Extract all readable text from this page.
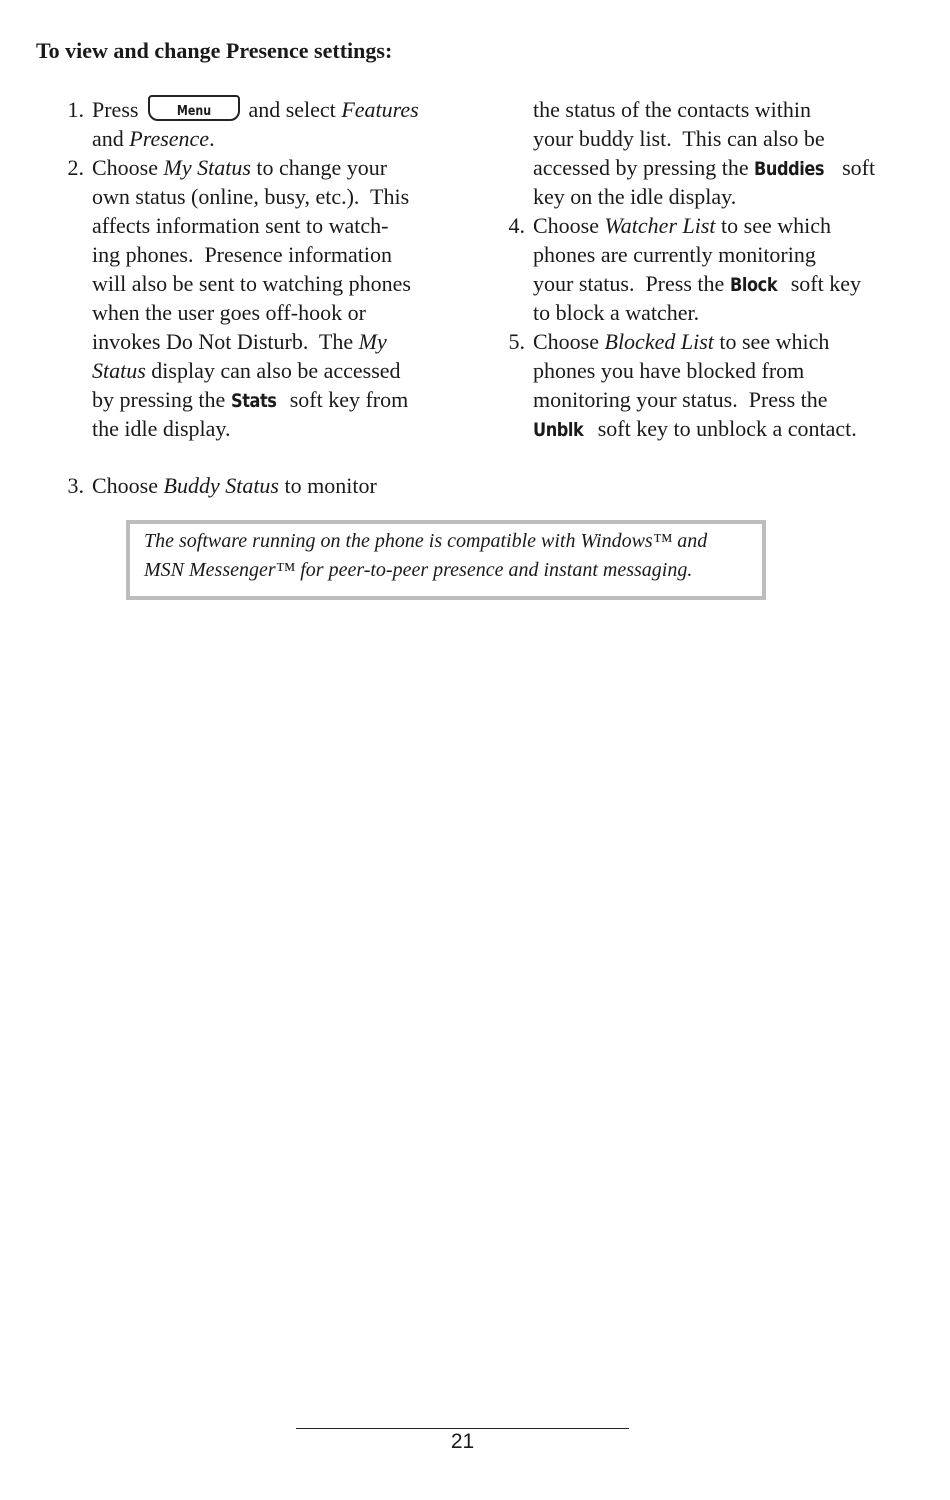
To view and change Presence settings:
1. Press	Menu	and select Features
and Presence.
2. Choose My Status to change your
own status (online, busy, etc.).  This
affects information sent to watch-
ing phones.  Presence information
will also be sent to watching phones
when the user goes off-hook or
invokes Do Not Disturb.  The My
Status display can also be accessed
by pressing the Stats soft key from
the idle display.
3. Choose Buddy Status to monitor
the status of the contacts within
your buddy list.  This can also be
accessed by pressing the Buddies soft
key on the idle display.
4. Choose Watcher List to see which
phones are currently monitoring
your status.  Press the Block soft key
to block a watcher.
5. Choose Blocked List to see which
phones you have blocked from
monitoring your status.  Press the
Unblk soft key to unblock a contact.
The software running on the phone is compatible with Windows™ and
MSN Messenger™ for peer-to-peer presence and instant messaging.
21
